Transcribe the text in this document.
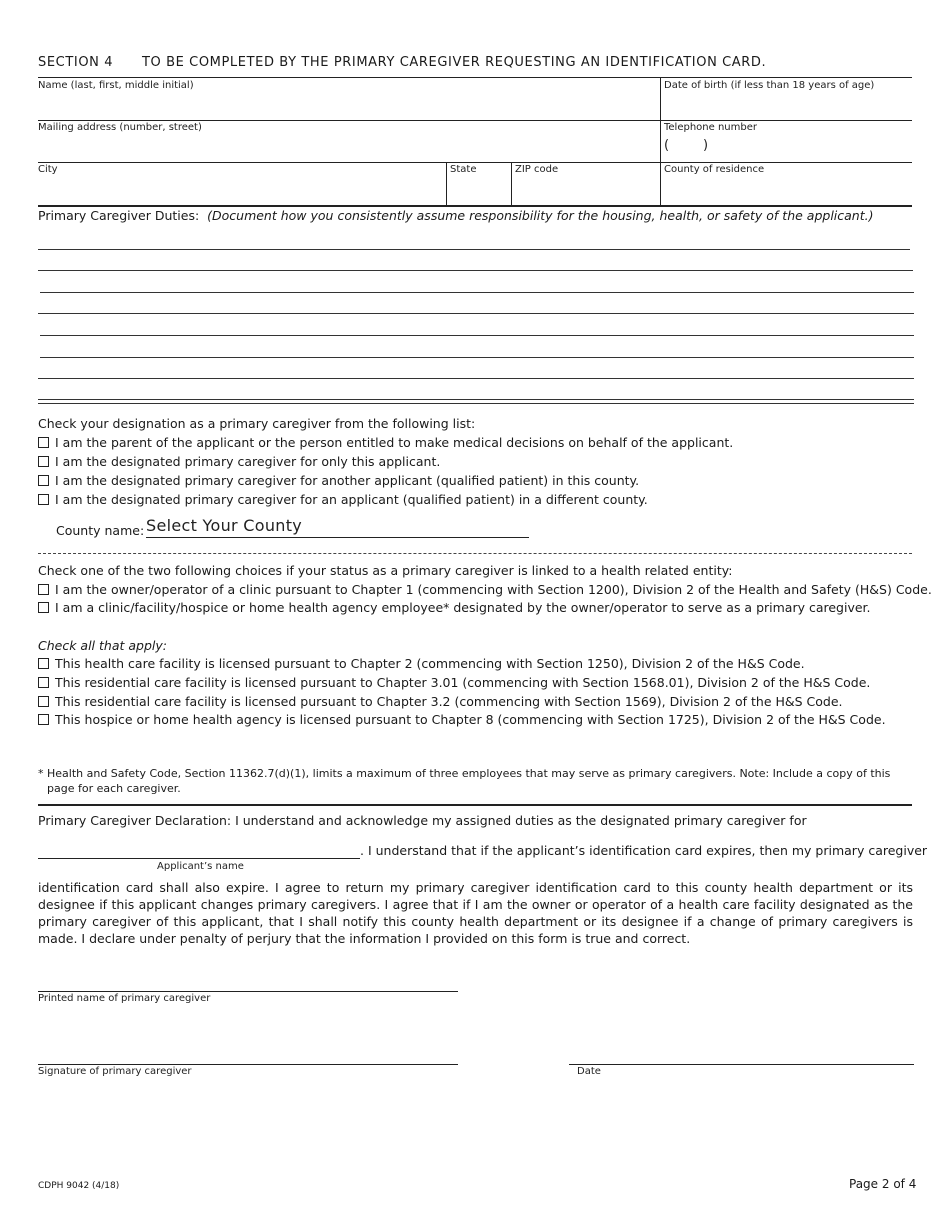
SECTION 4 TO BE COMPLETED BY THE PRIMARY CAREGIVER REQUESTING AN IDENTIFICATION CARD.
Name (last, first, middle initial)	Date of birth (if less than 18 years of age)
Mailing address (number, street)	Telephone number
(	)
City	State	ZIP code	County of residence
Primary Caregiver Duties: (Document how you consistently assume responsibility for the housing, health, or safety of the applicant.)
Check your designation as a primary caregiver from the following list:
I am the parent of the applicant or the person entitled to make medical decisions on behalf of the applicant.
I am the designated primary caregiver for only this applicant.
I am the designated primary caregiver for another applicant (qualified patient) in this county.
I am the designated primary caregiver for an applicant (qualified patient) in a different county.
County name:
Select Your County
Check one of the two following choices if your status as a primary caregiver is linked to a health related entity:
I am the owner/operator of a clinic pursuant to Chapter 1 (commencing with Section 1200), Division 2 of the Health and Safety (H&S) Code.
I am a clinic/facility/hospice or home health agency employee* designated by the owner/operator to serve as a primary caregiver.
Check all that apply:
This health care facility is licensed pursuant to Chapter 2 (commencing with Section 1250), Division 2 of the H&S Code.
This residential care facility is licensed pursuant to Chapter 3.01 (commencing with Section 1568.01), Division 2 of the H&S Code.
This residential care facility is licensed pursuant to Chapter 3.2 (commencing with Section 1569), Division 2 of the H&S Code.
This hospice or home health agency is licensed pursuant to Chapter 8 (commencing with Section 1725), Division 2 of the H&S Code.
* Health and Safety Code, Section 11362.7(d)(1), limits a maximum of three employees that may serve as primary caregivers. Note: Include a copy of this
page for each caregiver.
Primary Caregiver Declaration: I understand and acknowledge my assigned duties as the designated primary caregiver for
. I understand that if the applicant’s identification card expires, then my primary caregiver
Applicant’s name
identification card shall also expire. I agree to return my primary caregiver identification card to this county health department or its designee if this applicant changes primary caregivers. I agree that if I am the owner or operator of a health care facility designated as the primary caregiver of this applicant, that I shall notify this county health department or its designee if a change of primary caregivers is made. I declare under penalty of perjury that the information I provided on this form is true and correct.
Printed name of primary caregiver
Signature of primary caregiver	Date
CDPH 9042 (4/18)	Page 2 of 4
